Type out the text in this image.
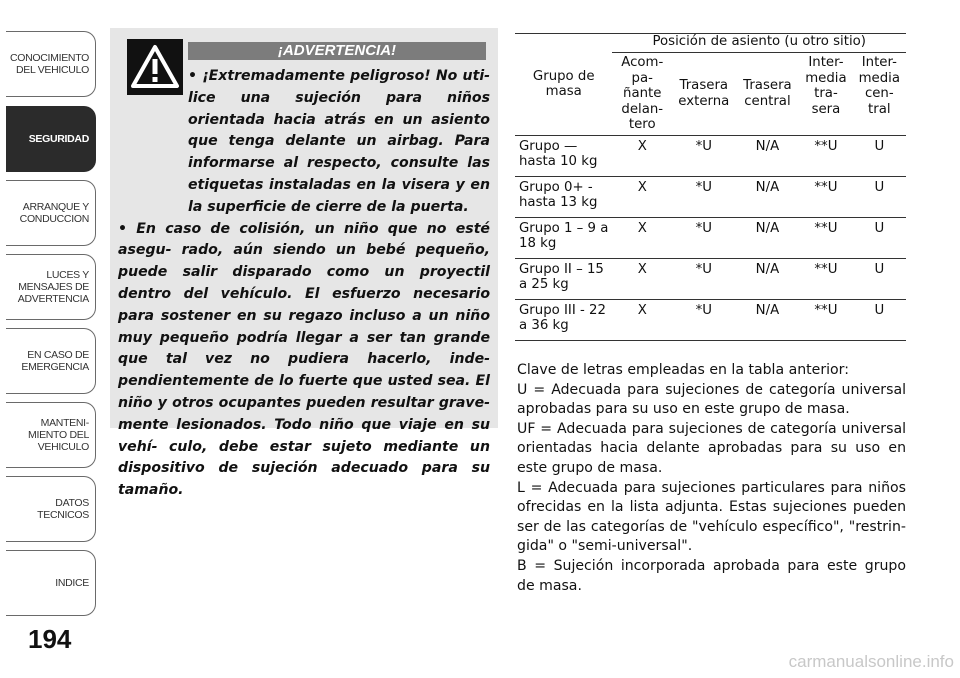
CONOCIMIENTO
DEL VEHICULO
SEGURIDAD
ARRANQUE Y
CONDUCCION
LUCES Y
MENSAJES DE
ADVERTENCIA
EN CASO DE
EMERGENCIA
MANTENI-
MIENTO DEL
VEHICULO
DATOS
TECNICOS
INDICE
194
¡ADVERTENCIA!

• ¡Extremadamente peligroso! No uti- lice una sujeción para niños orientada hacia atrás en un asiento que tenga delante un airbag. Para informarse al respecto, consulte las etiquetas instaladas en la visera y en la superficie de cierre de la puerta.

• En caso de colisión, un niño que no esté asegu- rado, aún siendo un bebé pequeño, puede salir disparado como un proyectil dentro del vehículo. El esfuerzo necesario para sostener en su regazo incluso a un niño muy pequeño podría llegar a ser tan grande que tal vez no pudiera hacerlo, inde- pendientemente de lo fuerte que usted sea. El niño y otros ocupantes pueden resultar grave- mente lesionados. Todo niño que viaje en su vehí- culo, debe estar sujeto mediante un dispositivo de sujeción adecuado para su tamaño.

Grupo de masa	Posición de asiento (u otro sitio)				
	Acom- pa- ñante delan- tero	Trasera externa	Trasera central	Inter- media tra- sera	Inter- media cen- tral
Grupo — hasta 10 kg	X	*U	N/A	**U	U
Grupo 0+ - hasta 13 kg	X	*U	N/A	**U	U
Grupo 1 – 9 a 18 kg	X	*U	N/A	**U	U
Grupo II – 15 a 25 kg	X	*U	N/A	**U	U
Grupo III - 22 a 36 kg	X	*U	N/A	**U	U

Clave de letras empleadas en la tabla anterior:

U = Adecuada para sujeciones de categoría universal aprobadas para su uso en este grupo de masa.

UF = Adecuada para sujeciones de categoría universal orientadas hacia delante aprobadas para su uso en este grupo de masa.

L = Adecuada para sujeciones particulares para niños ofrecidas en la lista adjunta. Estas sujeciones pueden ser de las categorías de "vehículo específico", "restrin- gida" o "semi-universal".

B = Sujeción incorporada aprobada para este grupo de masa.

carmanualsonline.info
